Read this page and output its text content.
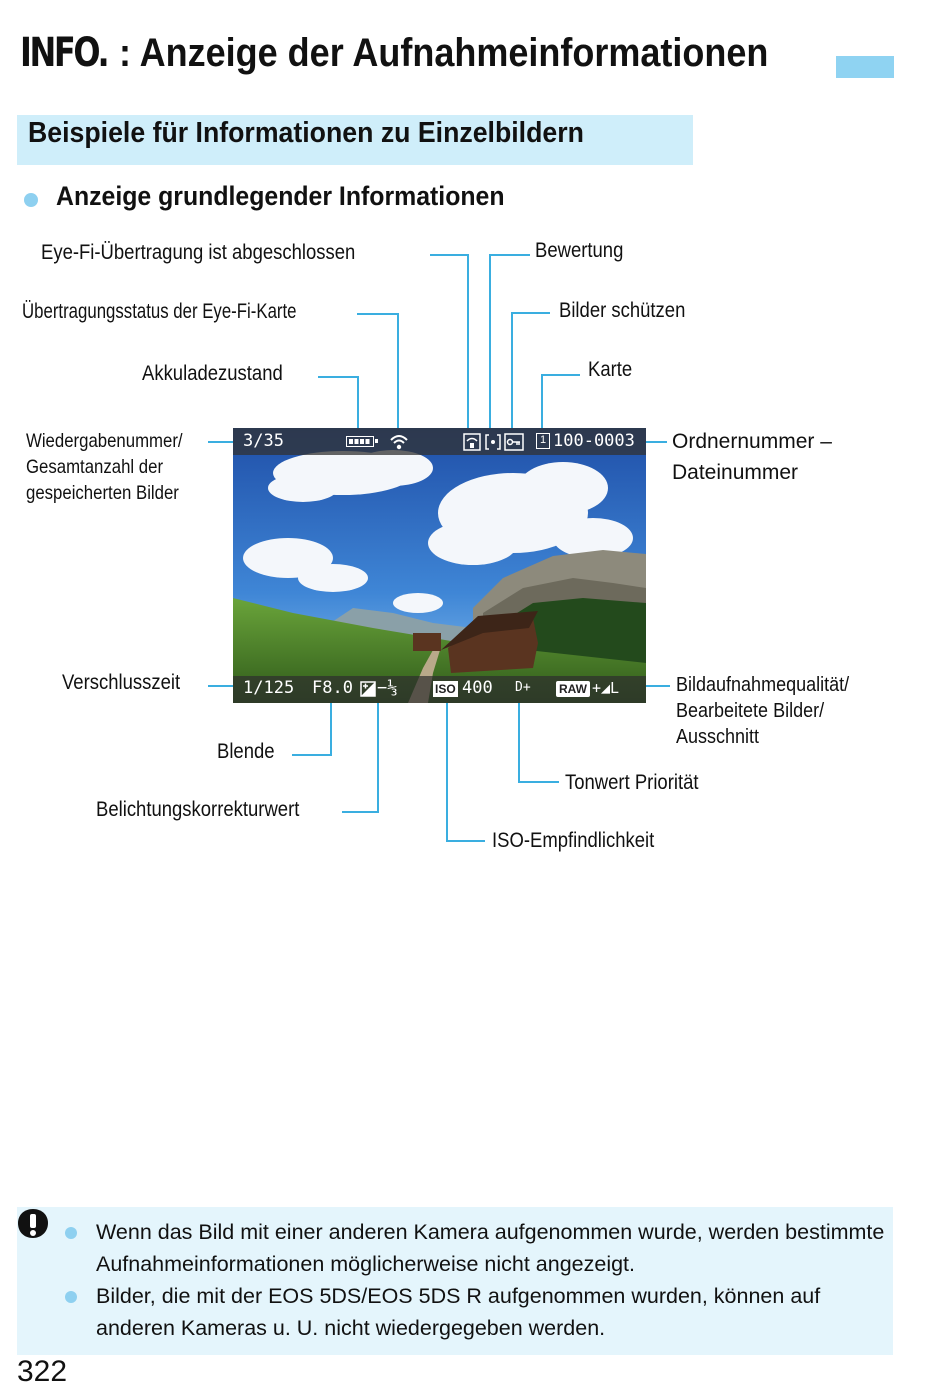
INFO. : Anzeige der Aufnahmeinformationen
Beispiele für Informationen zu Einzelbildern
Anzeige grundlegender Informationen
Eye-Fi-Übertragung ist abgeschlossen	Bewertung
Übertragungsstatus der Eye-Fi-Karte	Bilder schützen
Akkuladezustand	Karte
Wiedergabenummer/
Gesamtanzahl der
gespeicherten Bilder
Ordnernummer –
Dateinummer
Verschlusszeit	Bildaufnahmequalität/
Bearbeitete Bilder/
Ausschnitt
Blende
Tonwert Priorität
Belichtungskorrekturwert
ISO-Empfindlichkeit
3/35	1 100-0003
1/125 F8.0 −⅓	ISO 400 D+ RAW +◢L
Wenn das Bild mit einer anderen Kamera aufgenommen wurde, werden bestimmte Aufnahmeinformationen möglicherweise nicht angezeigt.
Bilder, die mit der EOS 5DS/EOS 5DS R aufgenommen wurden, können auf anderen Kameras u. U. nicht wiedergegeben werden.
322
